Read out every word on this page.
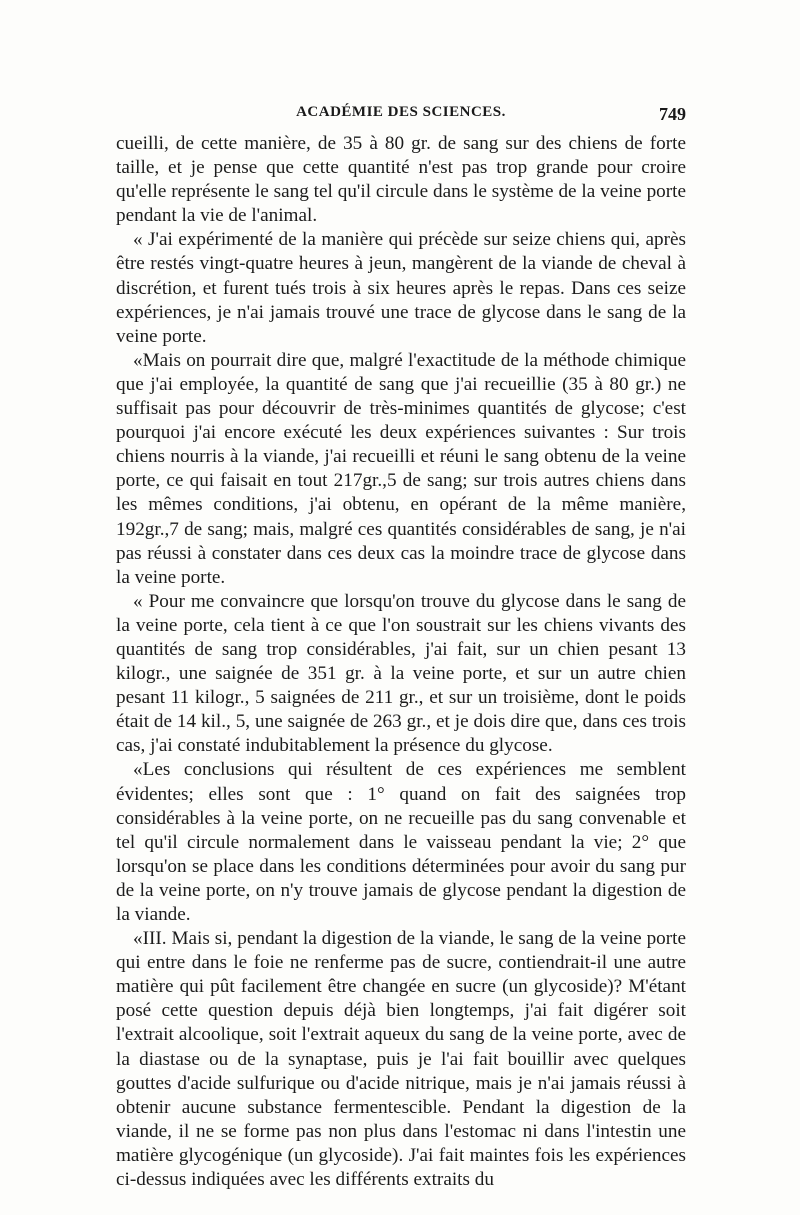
ACADÉMIE DES SCIENCES.	749

cueilli, de cette manière, de 35 à 80 gr. de sang sur des chiens de forte taille, et je pense que cette quantité n'est pas trop grande pour croire qu'elle représente le sang tel qu'il circule dans le système de la veine porte pendant la vie de l'animal.

« J'ai expérimenté de la manière qui précède sur seize chiens qui, après être restés vingt-quatre heures à jeun, mangèrent de la viande de cheval à discrétion, et furent tués trois à six heures après le repas. Dans ces seize expériences, je n'ai jamais trouvé une trace de glycose dans le sang de la veine porte.

«Mais on pourrait dire que, malgré l'exactitude de la méthode chimique que j'ai employée, la quantité de sang que j'ai recueillie (35 à 80 gr.) ne suffisait pas pour découvrir de très-minimes quantités de glycose; c'est pourquoi j'ai encore exécuté les deux expériences suivantes : Sur trois chiens nourris à la viande, j'ai recueilli et réuni le sang obtenu de la veine porte, ce qui faisait en tout 217gr.,5 de sang; sur trois autres chiens dans les mêmes conditions, j'ai obtenu, en opérant de la même manière, 192gr.,7 de sang; mais, malgré ces quantités considérables de sang, je n'ai pas réussi à constater dans ces deux cas la moindre trace de glycose dans la veine porte.

« Pour me convaincre que lorsqu'on trouve du glycose dans le sang de la veine porte, cela tient à ce que l'on soustrait sur les chiens vivants des quantités de sang trop considérables, j'ai fait, sur un chien pesant 13 kilogr., une saignée de 351 gr. à la veine porte, et sur un autre chien pesant 11 kilogr., 5 saignées de 211 gr., et sur un troisième, dont le poids était de 14 kil., 5, une saignée de 263 gr., et je dois dire que, dans ces trois cas, j'ai constaté indubitablement la présence du glycose.

«Les conclusions qui résultent de ces expériences me semblent évidentes; elles sont que : 1° quand on fait des saignées trop considérables à la veine porte, on ne recueille pas du sang convenable et tel qu'il circule normalement dans le vaisseau pendant la vie; 2° que lorsqu'on se place dans les conditions déterminées pour avoir du sang pur de la veine porte, on n'y trouve jamais de glycose pendant la digestion de la viande.

«III. Mais si, pendant la digestion de la viande, le sang de la veine porte qui entre dans le foie ne renferme pas de sucre, contiendrait-il une autre matière qui pût facilement être changée en sucre (un glycoside)? M'étant posé cette question depuis déjà bien longtemps, j'ai fait digérer soit l'extrait alcoolique, soit l'extrait aqueux du sang de la veine porte, avec de la diastase ou de la synaptase, puis je l'ai fait bouillir avec quelques gouttes d'acide sulfurique ou d'acide nitrique, mais je n'ai jamais réussi à obtenir aucune substance fermentescible. Pendant la digestion de la viande, il ne se forme pas non plus dans l'estomac ni dans l'intestin une matière glycogénique (un glycoside). J'ai fait maintes fois les expériences ci-dessus indiquées avec les différents extraits du
